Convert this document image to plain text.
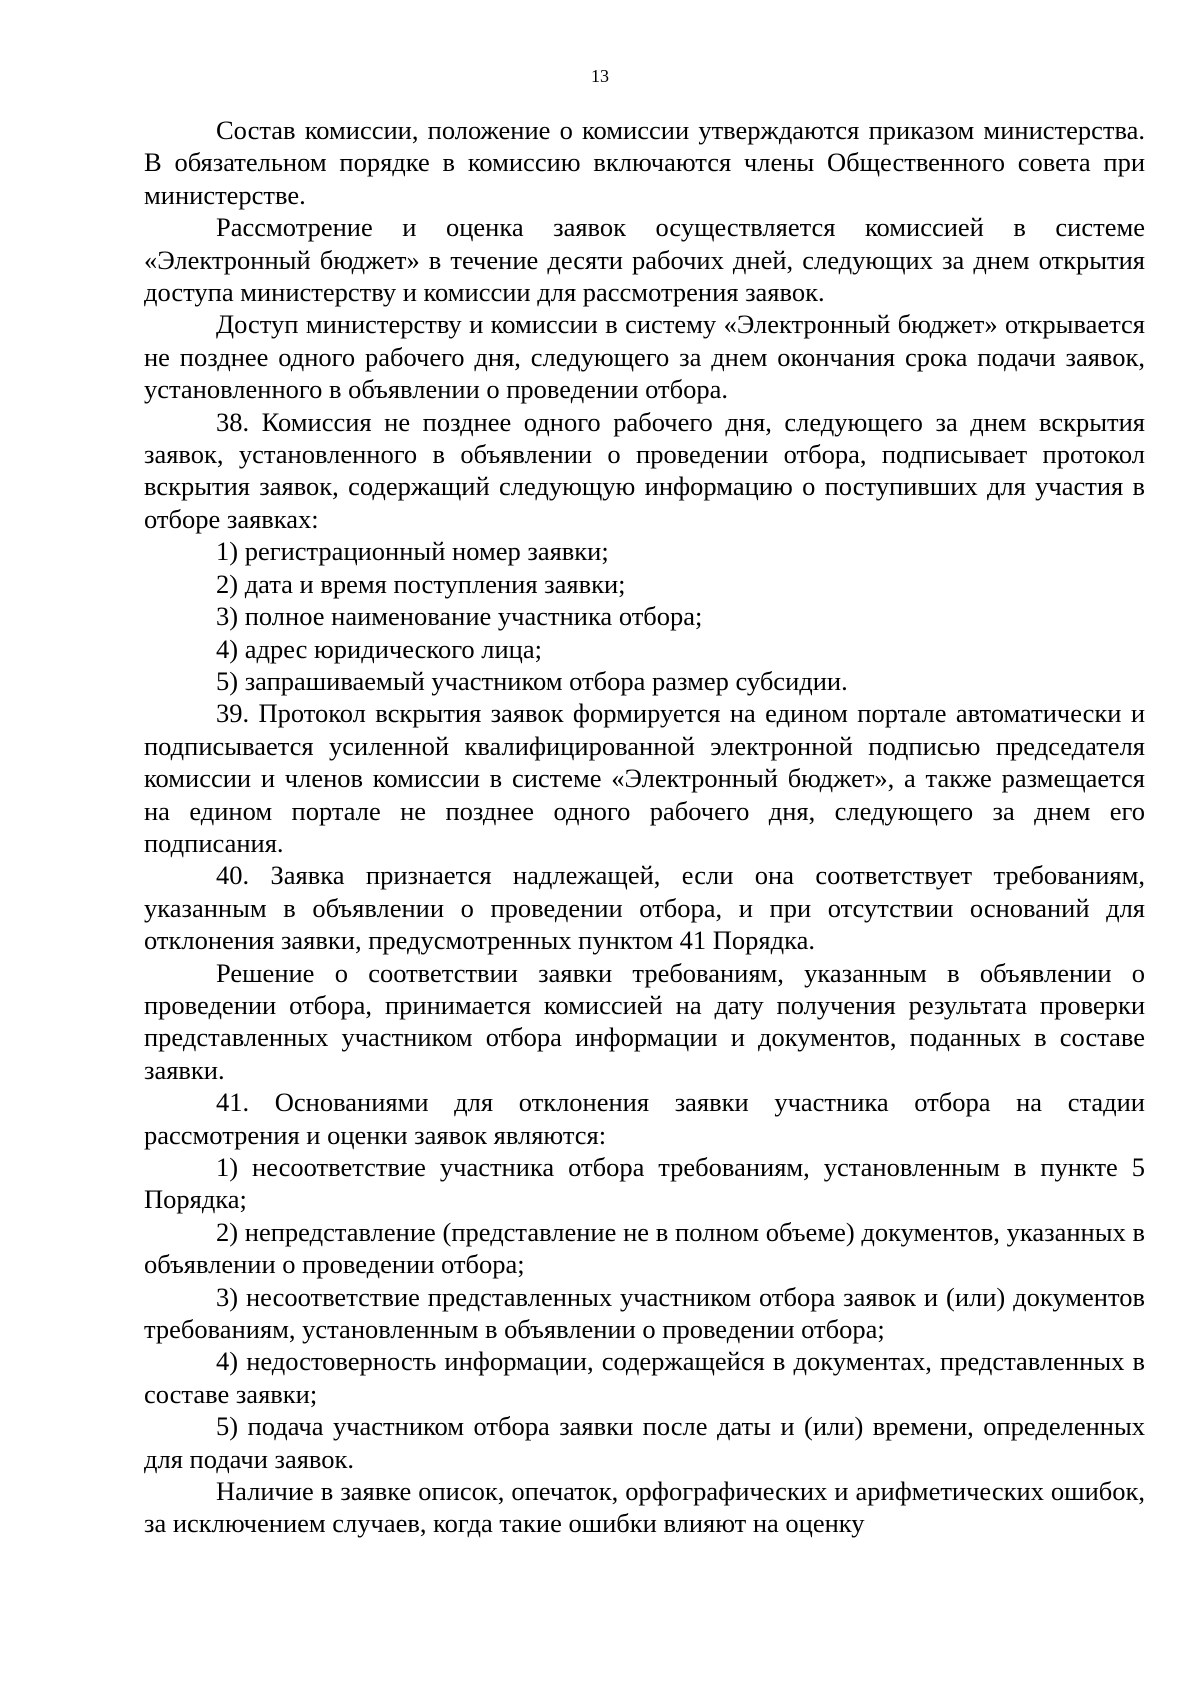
13

Состав комиссии, положение о комиссии утверждаются приказом министерства. В обязательном порядке в комиссию включаются члены Общественного совета при министерстве.

Рассмотрение и оценка заявок осуществляется комиссией в системе «Электронный бюджет» в течение десяти рабочих дней, следующих за днем открытия доступа министерству и комиссии для рассмотрения заявок.

Доступ министерству и комиссии в систему «Электронный бюджет» открывается не позднее одного рабочего дня, следующего за днем окончания срока подачи заявок, установленного в объявлении о проведении отбора.

38. Комиссия не позднее одного рабочего дня, следующего за днем вскрытия заявок, установленного в объявлении о проведении отбора, подписывает протокол вскрытия заявок, содержащий следующую информацию о поступивших для участия в отборе заявках:

1) регистрационный номер заявки;

2) дата и время поступления заявки;

3) полное наименование участника отбора;

4) адрес юридического лица;

5) запрашиваемый участником отбора размер субсидии.

39. Протокол вскрытия заявок формируется на едином портале автоматически и подписывается усиленной квалифицированной электронной подписью председателя комиссии и членов комиссии в системе «Электронный бюджет», а также размещается на едином портале не позднее одного рабочего дня, следующего за днем его подписания.

40. Заявка признается надлежащей, если она соответствует требованиям, указанным в объявлении о проведении отбора, и при отсутствии оснований для отклонения заявки, предусмотренных пунктом 41 Порядка.

Решение о соответствии заявки требованиям, указанным в объявлении о проведении отбора, принимается комиссией на дату получения результата проверки представленных участником отбора информации и документов, поданных в составе заявки.

41. Основаниями для отклонения заявки участника отбора на стадии рассмотрения и оценки заявок являются:

1) несоответствие участника отбора требованиям, установленным в пункте 5 Порядка;

2) непредставление (представление не в полном объеме) документов, указанных в объявлении о проведении отбора;

3) несоответствие представленных участником отбора заявок и (или) документов требованиям, установленным в объявлении о проведении отбора;

4) недостоверность информации, содержащейся в документах, представленных в составе заявки;

5) подача участником отбора заявки после даты и (или) времени, определенных для подачи заявок.

Наличие в заявке описок, опечаток, орфографических и арифметических ошибок, за исключением случаев, когда такие ошибки влияют на оценку
